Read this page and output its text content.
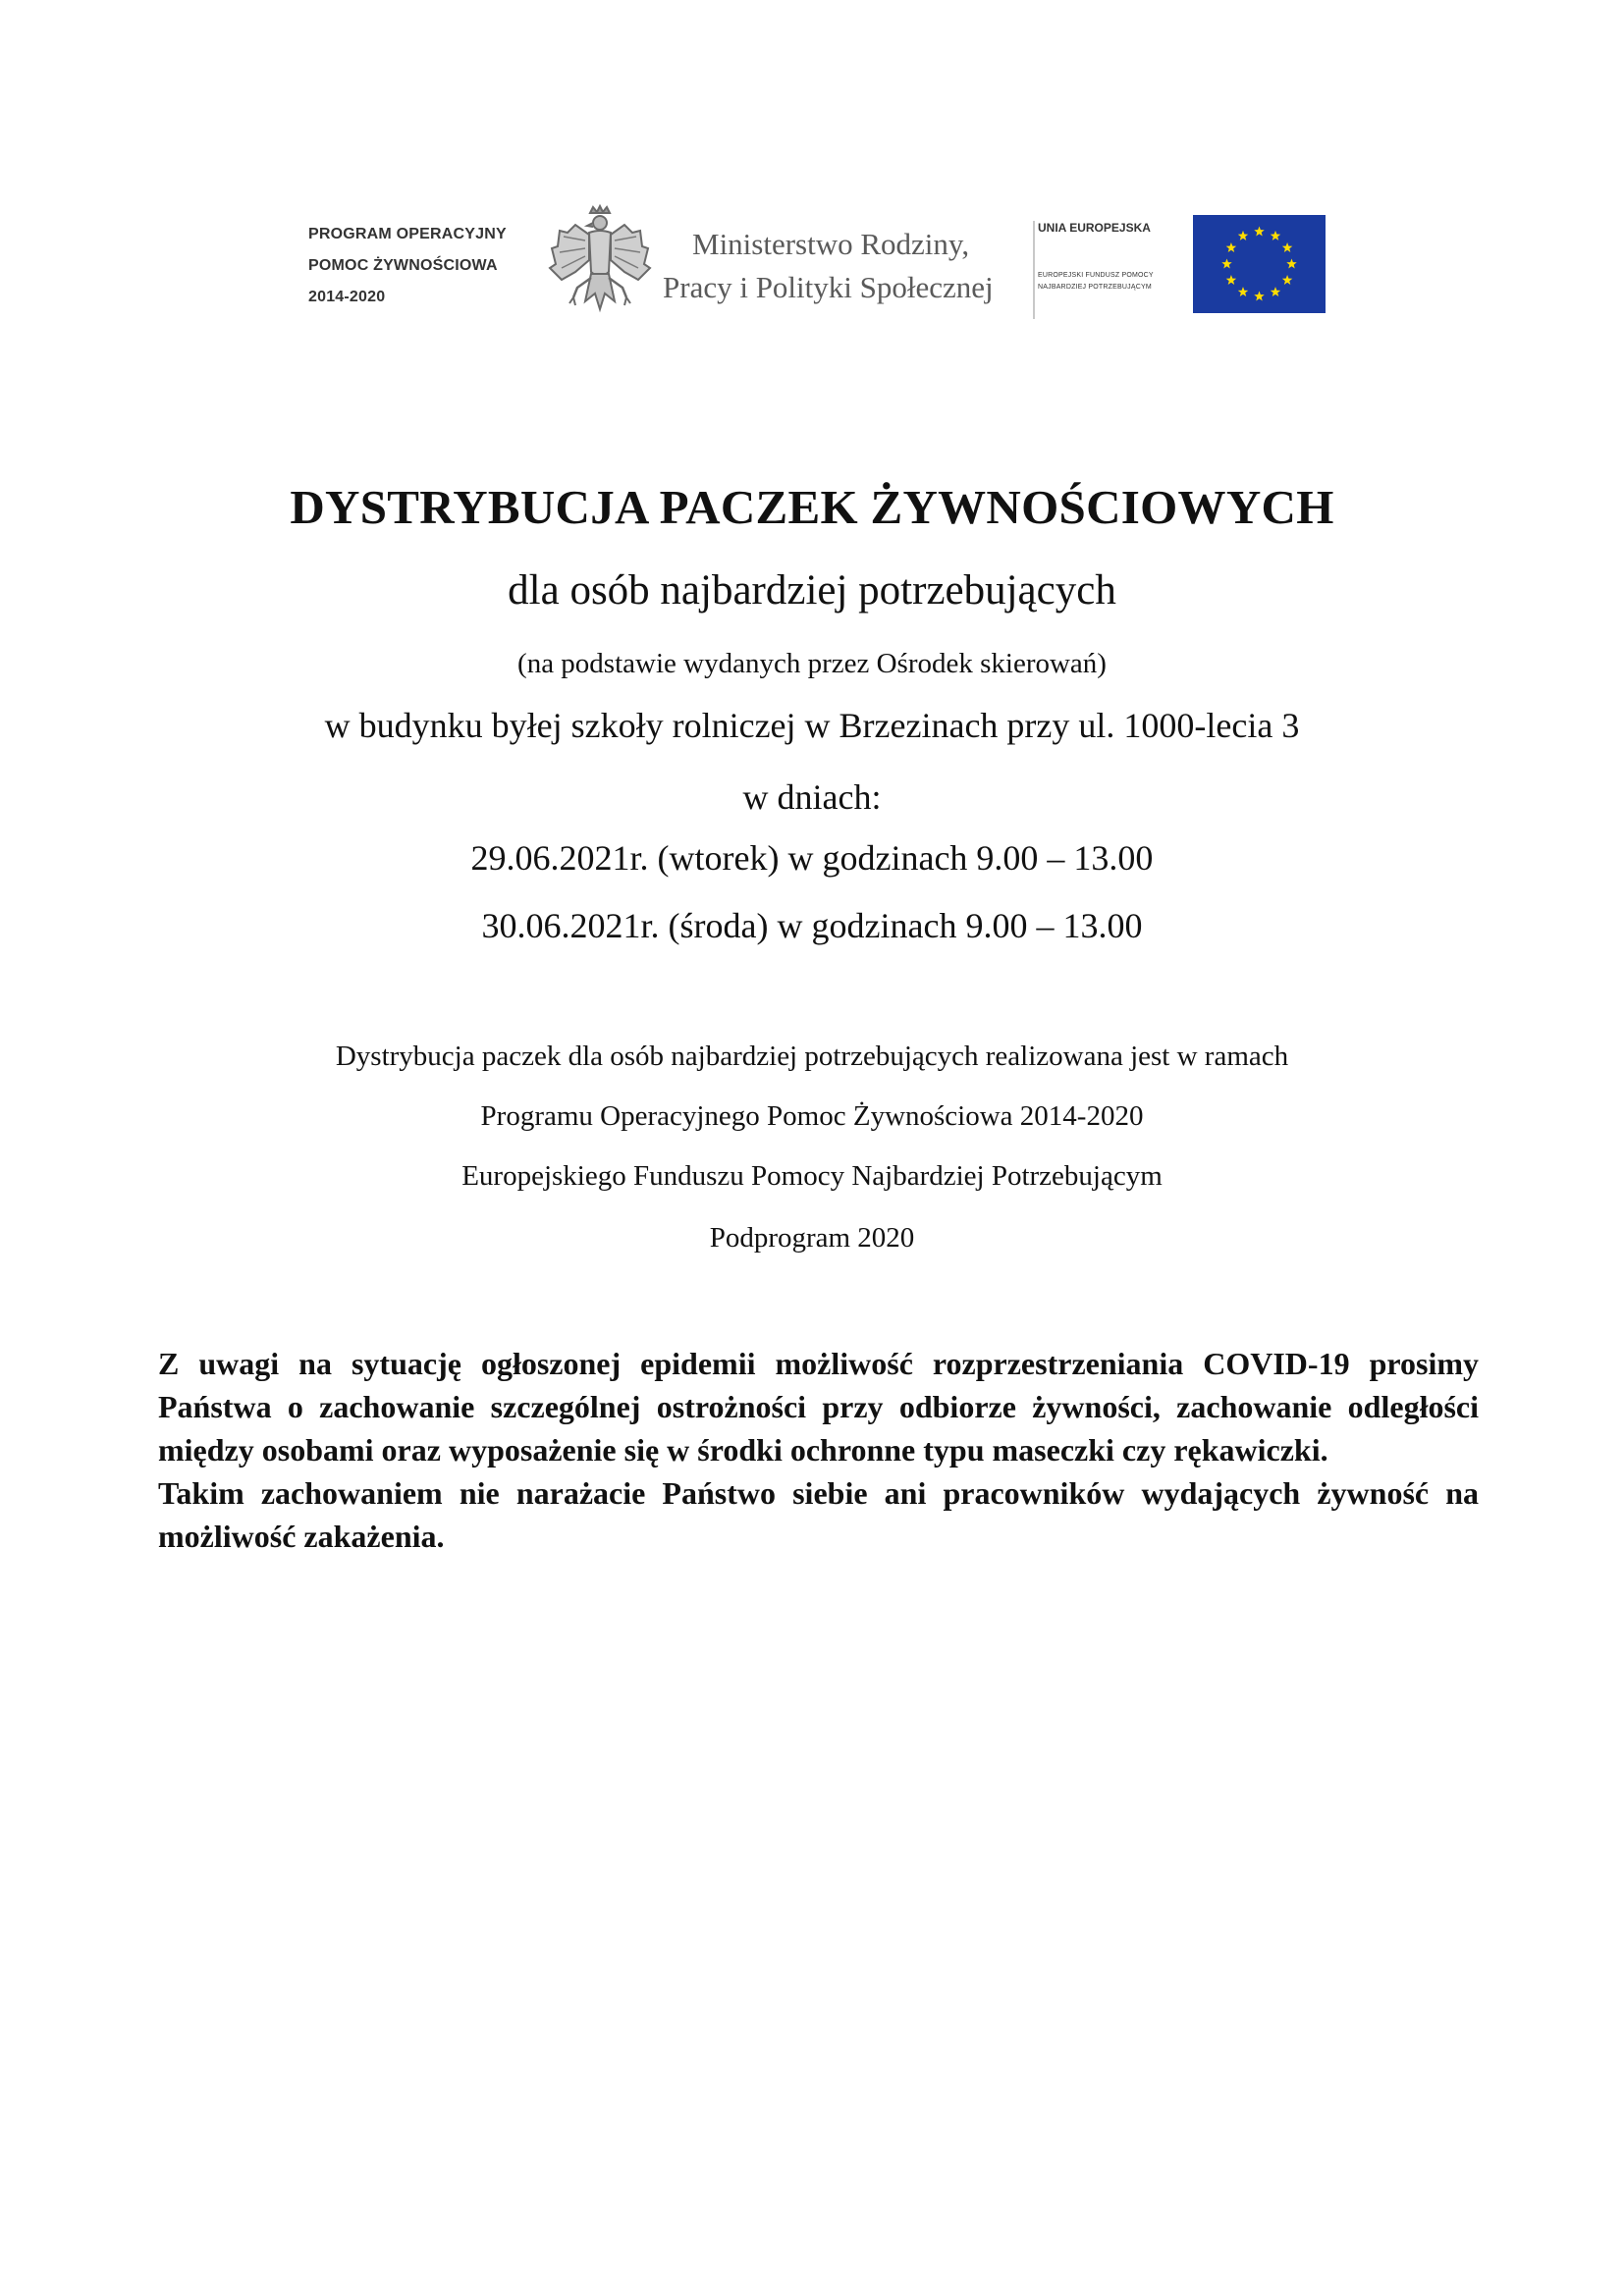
PROGRAM OPERACYJNY
POMOC ŻYWNOŚCIOWA
2014-2020
Ministerstwo Rodziny,
Pracy i Polityki Społecznej
UNIA EUROPEJSKA
EUROPEJSKI FUNDUSZ POMOCY
NAJBARDZIEJ POTRZEBUJĄCYM
DYSTRYBUCJA PACZEK ŻYWNOŚCIOWYCH
dla osób najbardziej potrzebujących
(na podstawie wydanych przez Ośrodek skierowań)
w budynku byłej szkoły rolniczej w Brzezinach przy ul. 1000-lecia 3
w dniach:
29.06.2021r. (wtorek) w godzinach 9.00 – 13.00
30.06.2021r. (środa) w godzinach 9.00 – 13.00
Dystrybucja paczek dla osób najbardziej potrzebujących realizowana jest w ramach
Programu Operacyjnego Pomoc Żywnościowa 2014-2020
Europejskiego Funduszu Pomocy Najbardziej Potrzebującym
Podprogram 2020

Z uwagi na sytuację ogłoszonej epidemii możliwość rozprzestrzeniania COVID-19 prosimy Państwa o zachowanie szczególnej ostrożności przy odbiorze żywności, zachowanie odległości między osobami oraz wyposażenie się w środki ochronne typu maseczki czy rękawiczki.

Takim zachowaniem nie narażacie Państwo siebie ani pracowników wydających żywność na możliwość zakażenia.
